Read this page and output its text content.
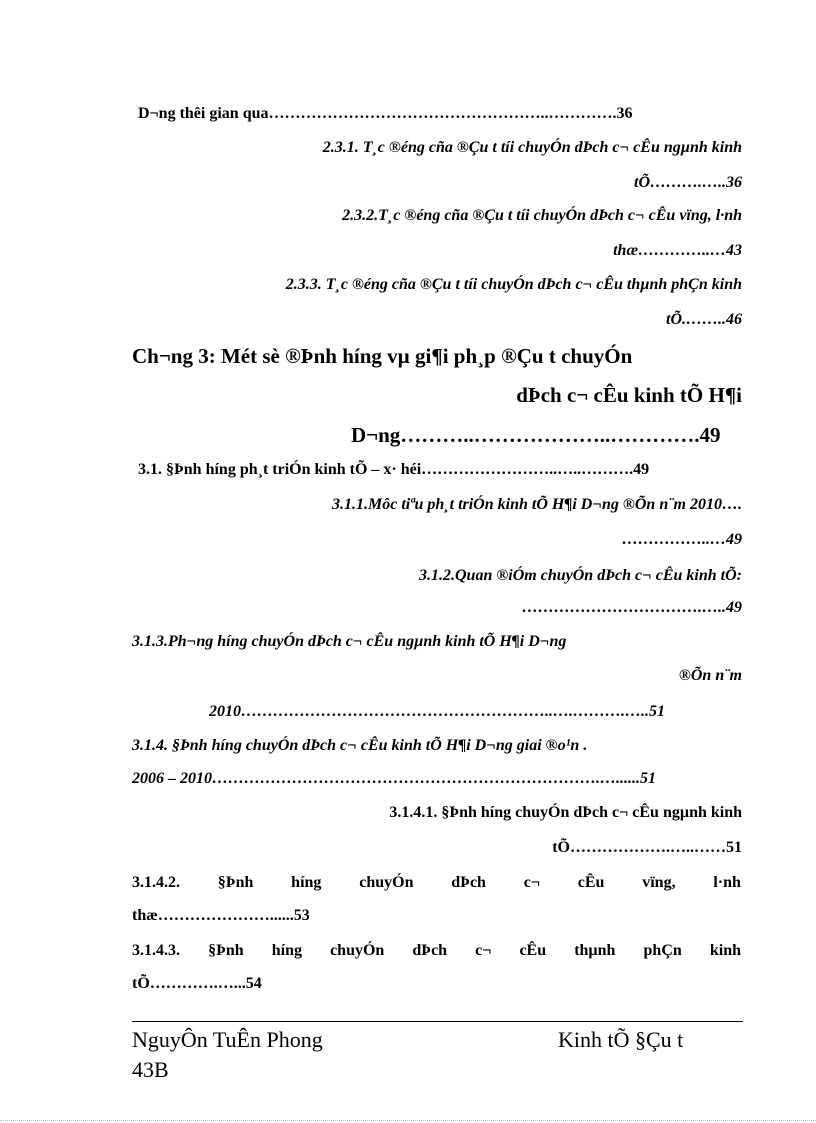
D¬ng thêi gian qua……………………………………………..………….36
2.3.1. T¸c ®éng cña ®Çu t tíi chuyÓn dÞch c¬ cÊu ngµnh kinh
tÕ……….…..36
2.3.2.T¸c ®éng cña ®Çu t tíi chuyÓn dÞch c¬ cÊu vïng, l·nh
thæ…………..…43
2.3.3. T¸c ®éng cña ®Çu t tíi chuyÓn dÞch c¬ cÊu thµnh phÇn kinh
tÕ.……..46
Ch¬ng 3: Mét sè ®Þnh híng vµ gi¶i ph¸p ®Çu t chuyÓn
dÞch c¬ cÊu kinh tÕ H¶i
D¬ng………..………………..………….49
3.1. §Þnh híng ph¸t triÓn kinh tÕ – x· héi……………………..…..……….49
3.1.1.Môc tiªu ph¸t triÓn kinh tÕ H¶i D¬ng ®Õn n¨m 2010….
……………..…49
3.1.2.Quan ®iÓm chuyÓn dÞch c¬ cÊu kinh tÕ:
…………………………….…..49
3.1.3.Ph¬ng híng chuyÓn dÞch c¬ cÊu ngµnh kinh tÕ H¶i D¬ng
®Õn n¨m
2010…………………………………………………..….……….…..51
3.1.4. §Þnh híng chuyÓn dÞch c¬ cÊu kinh tÕ H¶i D¬ng giai ®o¹n .
2006 – 2010……………………………………………………………….…......51
3.1.4.1. §Þnh híng chuyÓn dÞch c¬ cÊu ngµnh kinh
tÕ……………….…..……51
3.1.4.2. §Þnh híng chuyÓn dÞch c¬ cÊu vïng, l·nh
thæ…………………......53
3.1.4.3. §Þnh híng chuyÓn dÞch c¬ cÊu thµnh phÇn kinh
tÕ………….…...54
NguyÔn TuÊn Phong	Kinh tÕ §Çu t
43B
